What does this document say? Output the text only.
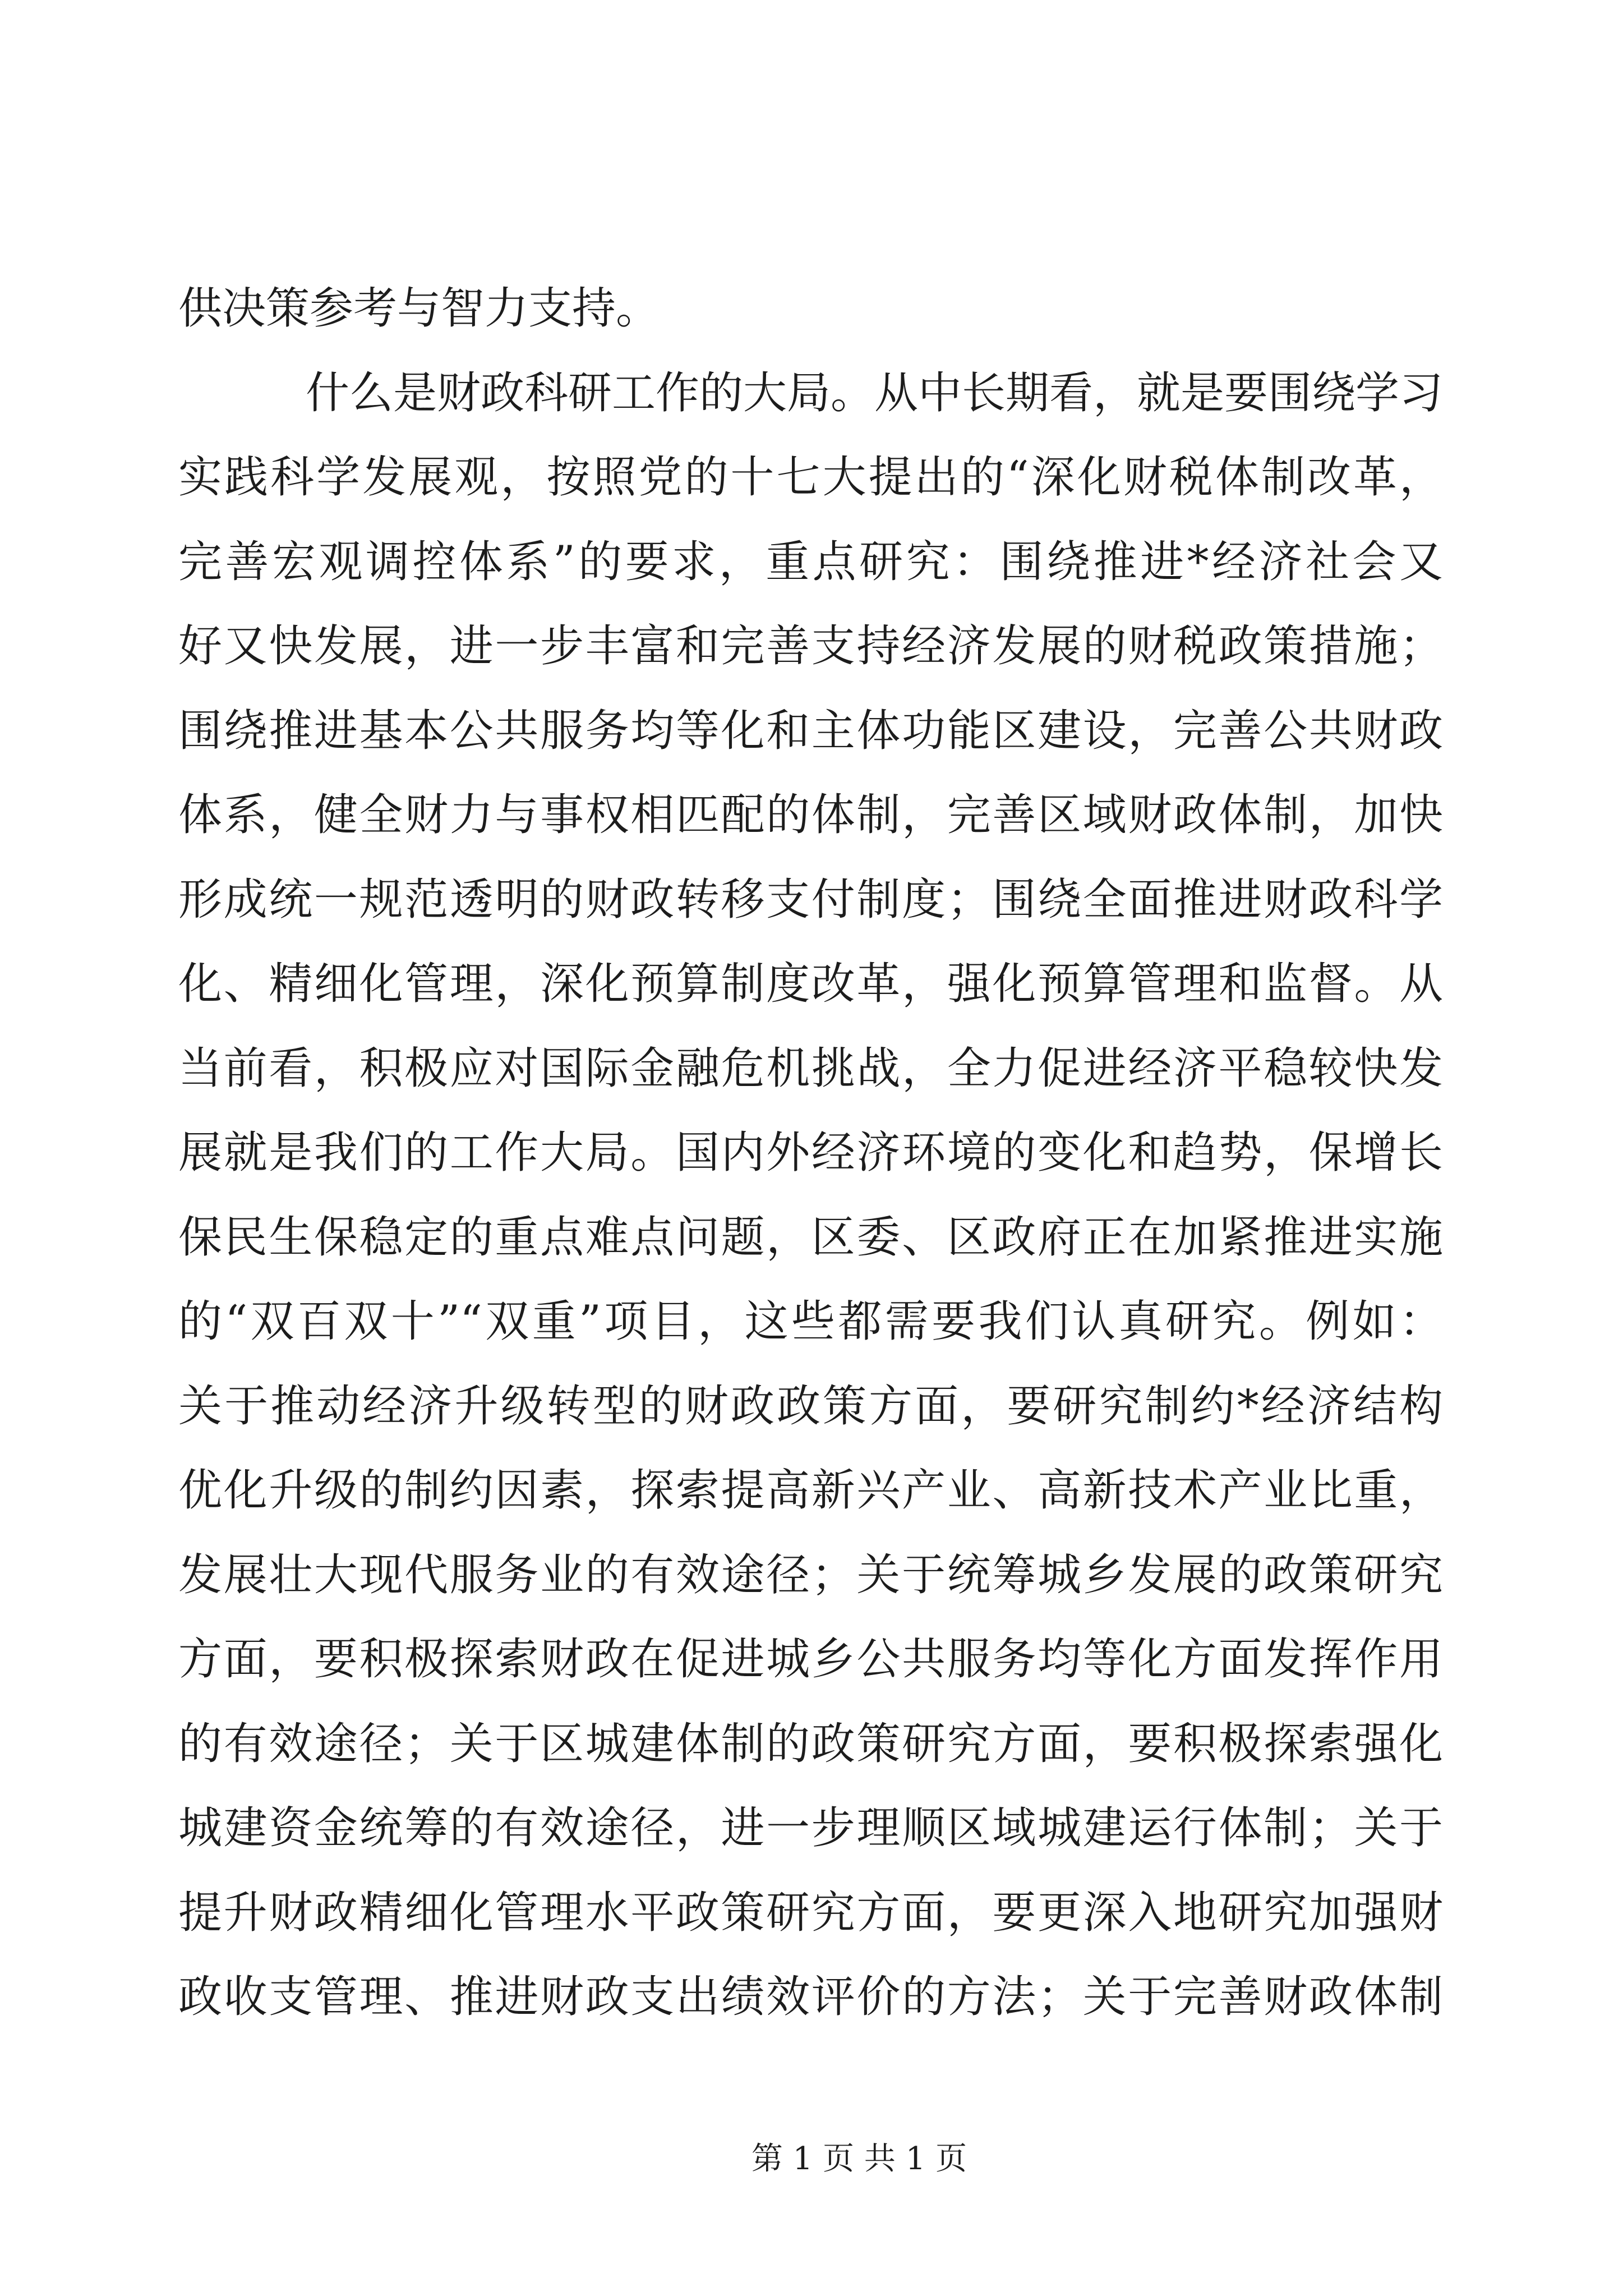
供决策参考与智力支持。
什么是财政科研工作的大局。从中长期看，就是要围绕学习
实践科学发展观，按照党的十七大提出的“深化财税体制改革，
完善宏观调控体系”的要求，重点研究：围绕推进*经济社会又
好又快发展，进一步丰富和完善支持经济发展的财税政策措施；
围绕推进基本公共服务均等化和主体功能区建设，完善公共财政
体系，健全财力与事权相匹配的体制，完善区域财政体制，加快
形成统一规范透明的财政转移支付制度；围绕全面推进财政科学
化、精细化管理，深化预算制度改革，强化预算管理和监督。从
当前看，积极应对国际金融危机挑战，全力促进经济平稳较快发
展就是我们的工作大局。国内外经济环境的变化和趋势，保增长
保民生保稳定的重点难点问题，区委、区政府正在加紧推进实施
的“双百双十”“双重”项目，这些都需要我们认真研究。例如：
关于推动经济升级转型的财政政策方面，要研究制约*经济结构
优化升级的制约因素，探索提高新兴产业、高新技术产业比重，
发展壮大现代服务业的有效途径；关于统筹城乡发展的政策研究
方面，要积极探索财政在促进城乡公共服务均等化方面发挥作用
的有效途径；关于区城建体制的政策研究方面，要积极探索强化
城建资金统筹的有效途径，进一步理顺区域城建运行体制；关于
提升财政精细化管理水平政策研究方面，要更深入地研究加强财
政收支管理、推进财政支出绩效评价的方法；关于完善财政体制
第 1 页 共 1 页
